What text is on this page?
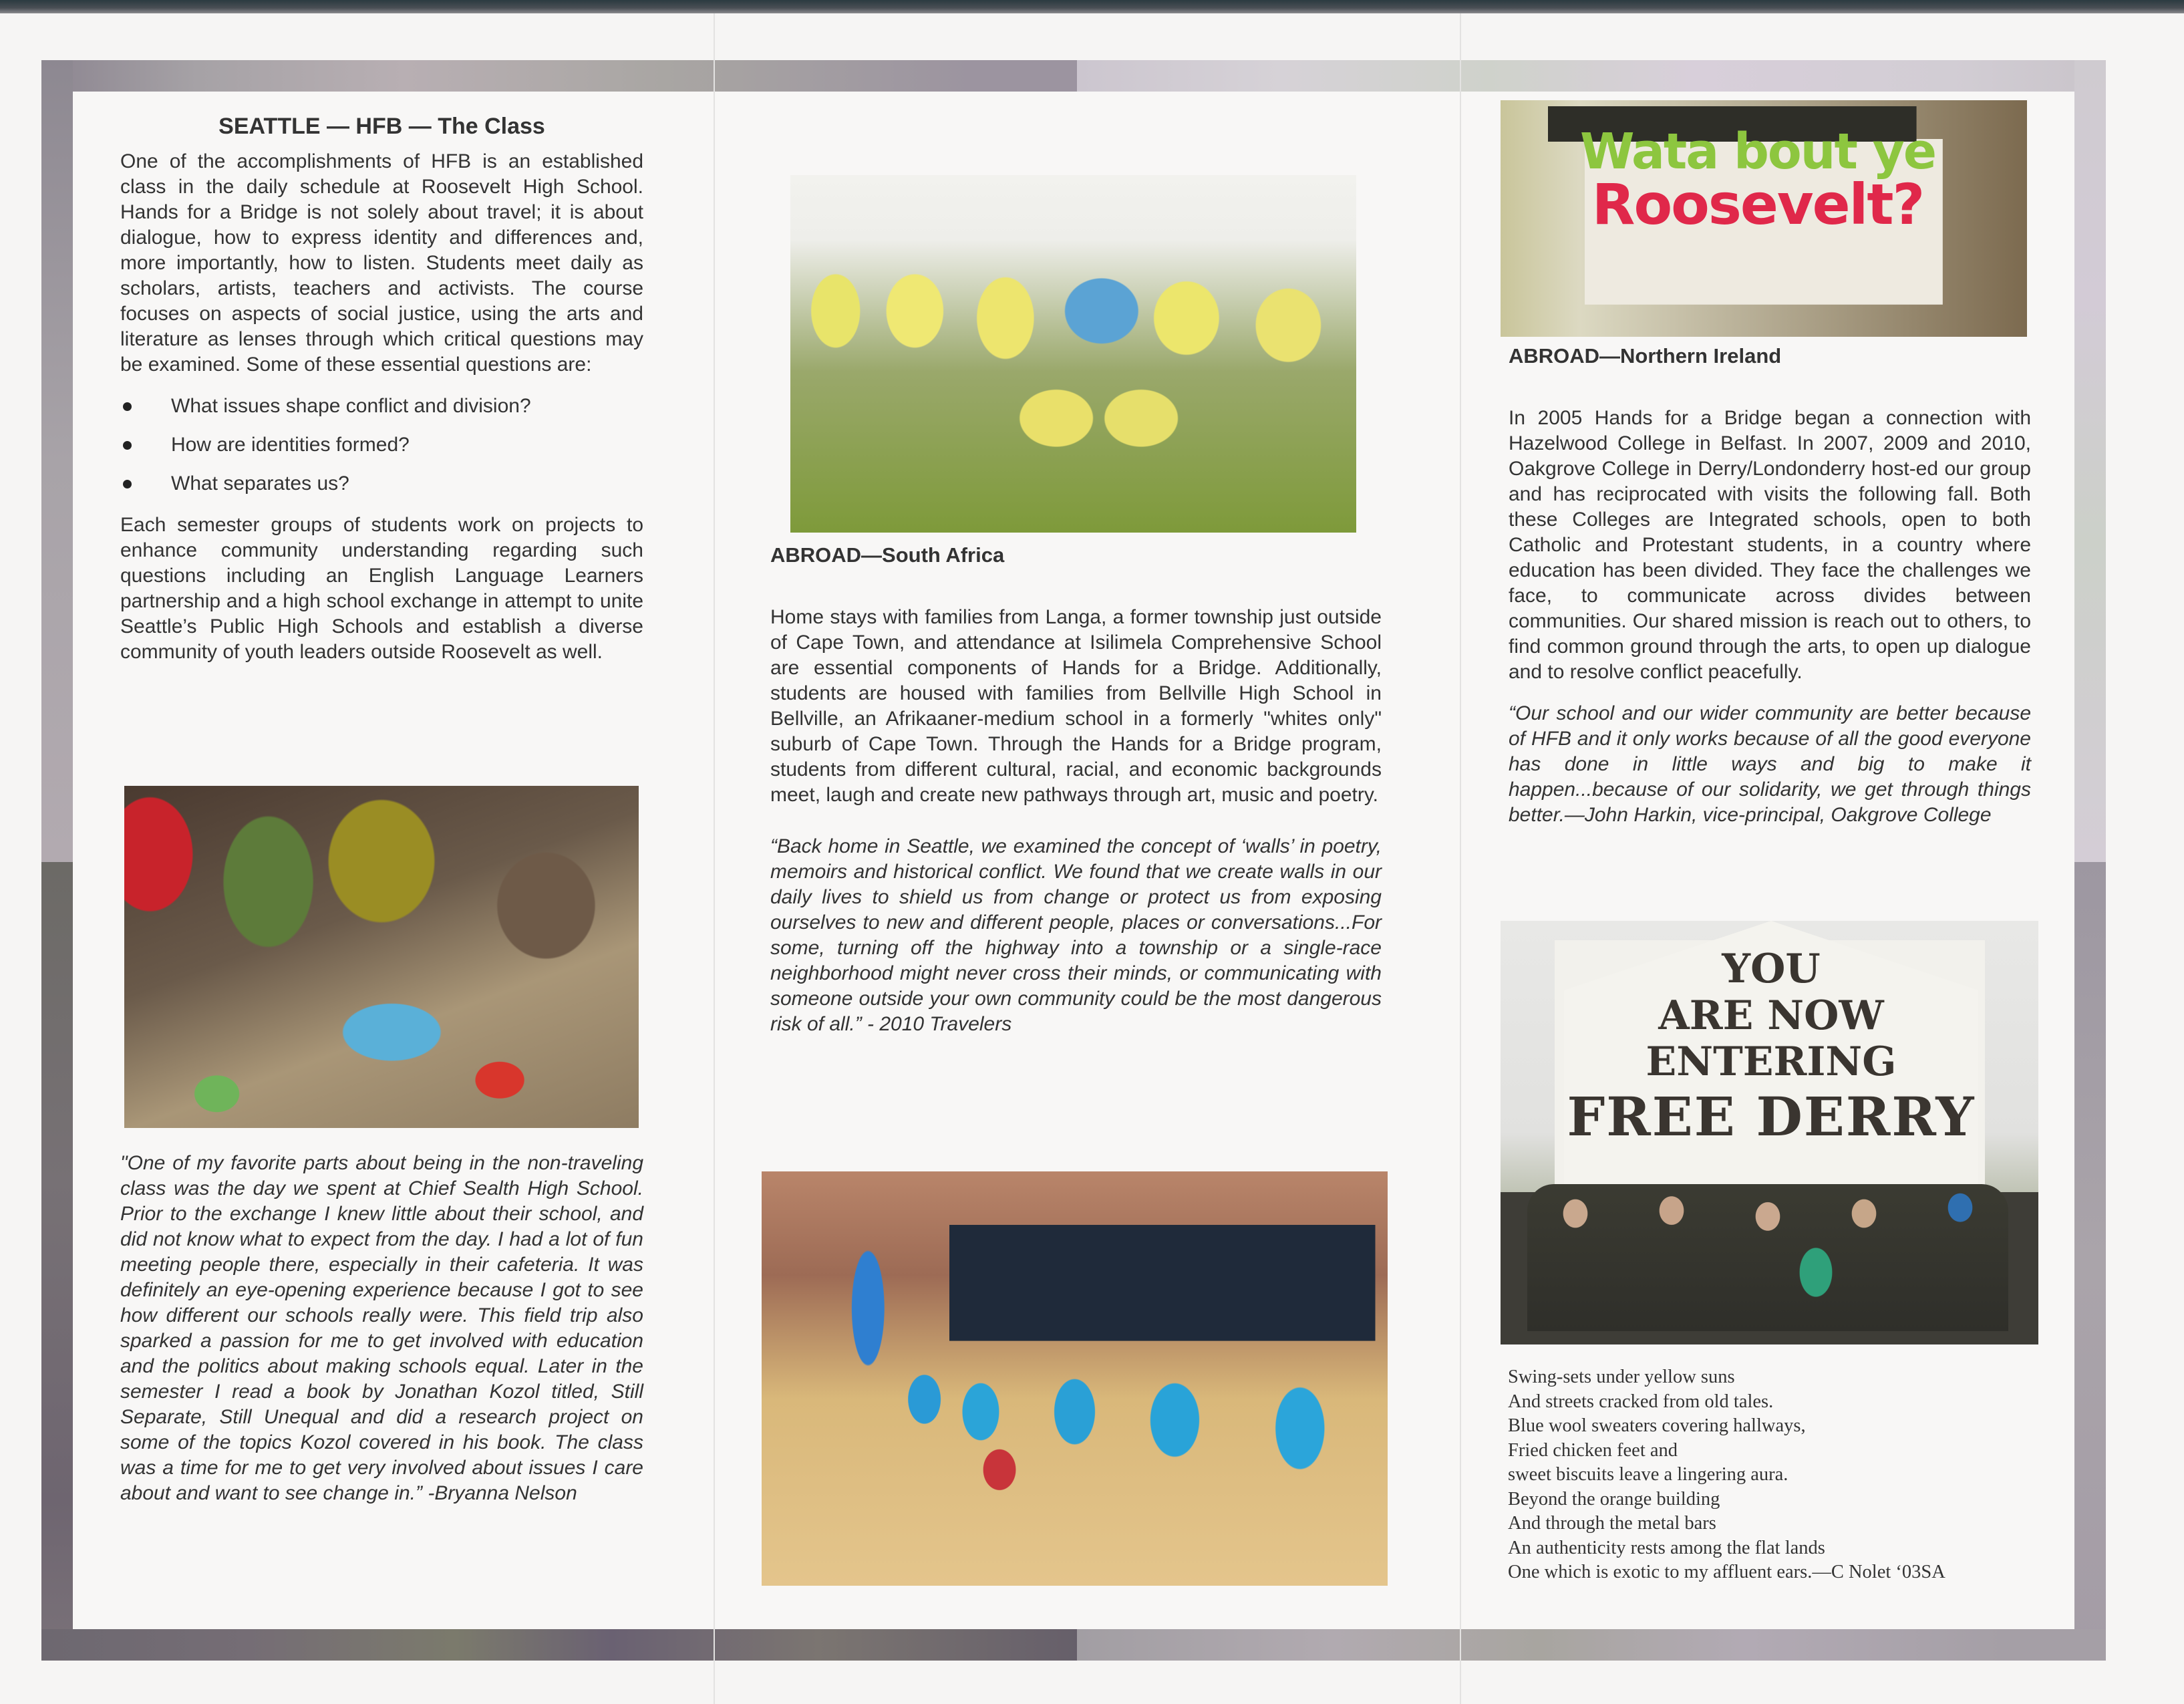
SEATTLE — HFB — The Class

One of the accomplishments of HFB is an established class in the daily schedule at Roosevelt High School. Hands for a Bridge is not solely about travel; it is about dialogue, how to express identity and differences and, more importantly, how to listen. Students meet daily as scholars, artists, teachers and activists. The course focuses on aspects of social justice, using the arts and literature as lenses through which critical questions may be examined. Some of these essential questions are:

What issues shape conflict and division?
How are identities formed?
What separates us?

Each semester groups of students work on projects to enhance community understanding regarding such questions including an English Language Learners partnership and a high school exchange in attempt to unite Seattle’s Public High Schools and establish a diverse community of youth leaders outside Roosevelt as well.

"One of my favorite parts about being in the non-traveling class was the day we spent at Chief Sealth High School. Prior to the exchange I knew little about their school, and did not know what to expect from the day. I had a lot of fun meeting people there, especially in their cafeteria. It was definitely an eye-opening experience because I got to see how different our schools really were. This field trip also sparked a passion for me to get involved with education and the politics about making schools equal. Later in the semester I read a book by Jonathan Kozol titled, Still Separate, Still Unequal and did a research project on some of the topics Kozol covered in his book. The class was a time for me to get very involved about issues I care about and want to see change in.” -Bryanna Nelson

ABROAD—South Africa

Home stays with families from Langa, a former township just outside of Cape Town, and attendance at Isilimela Comprehensive School are essential components of Hands for a Bridge. Additionally, students are housed with families from Bellville High School in Bellville, an Afrikaaner-medium school in a formerly "whites only" suburb of Cape Town. Through the Hands for a Bridge program, students from different cultural, racial, and economic backgrounds meet, laugh and create new pathways through art, music and poetry.

“Back home in Seattle, we examined the concept of ‘walls’ in poetry, memoirs and historical conflict. We found that we create walls in our daily lives to shield us from change or protect us from exposing ourselves to new and different people, places or conversations...For some, turning off the highway into a township or a single-race neighborhood might never cross their minds, or communicating with someone outside your own community could be the most dangerous risk of all.” - 2010 Travelers

Wata bout ye
Roosevelt?
ABROAD—Northern Ireland

In 2005 Hands for a Bridge began a connection with Hazelwood College in Belfast. In 2007, 2009 and 2010, Oakgrove College in Derry/Londonderry host-ed our group and has reciprocated with visits the following fall. Both these Colleges are Integrated schools, open to both Catholic and Protestant students, in a country where education has been divided. They face the challenges we face, to communicate across divides between communities. Our shared mission is reach out to others, to find common ground through the arts, to open up dialogue and to resolve conflict peacefully.

“Our school and our wider community are better because of HFB and it only works because of all the good everyone has done in little ways and big to make it happen...because of our solidarity, we get through things better.—John Harkin, vice-principal, Oakgrove College

YOU
ARE NOW
ENTERING
FREE DERRY
Swing-sets under yellow suns
And streets cracked from old tales.
Blue wool sweaters covering hallways,
Fried chicken feet and
sweet biscuits leave a lingering aura.
Beyond the orange building
And through the metal bars
An authenticity rests among the flat lands
One which is exotic to my affluent ears.—C Nolet ‘03SA
